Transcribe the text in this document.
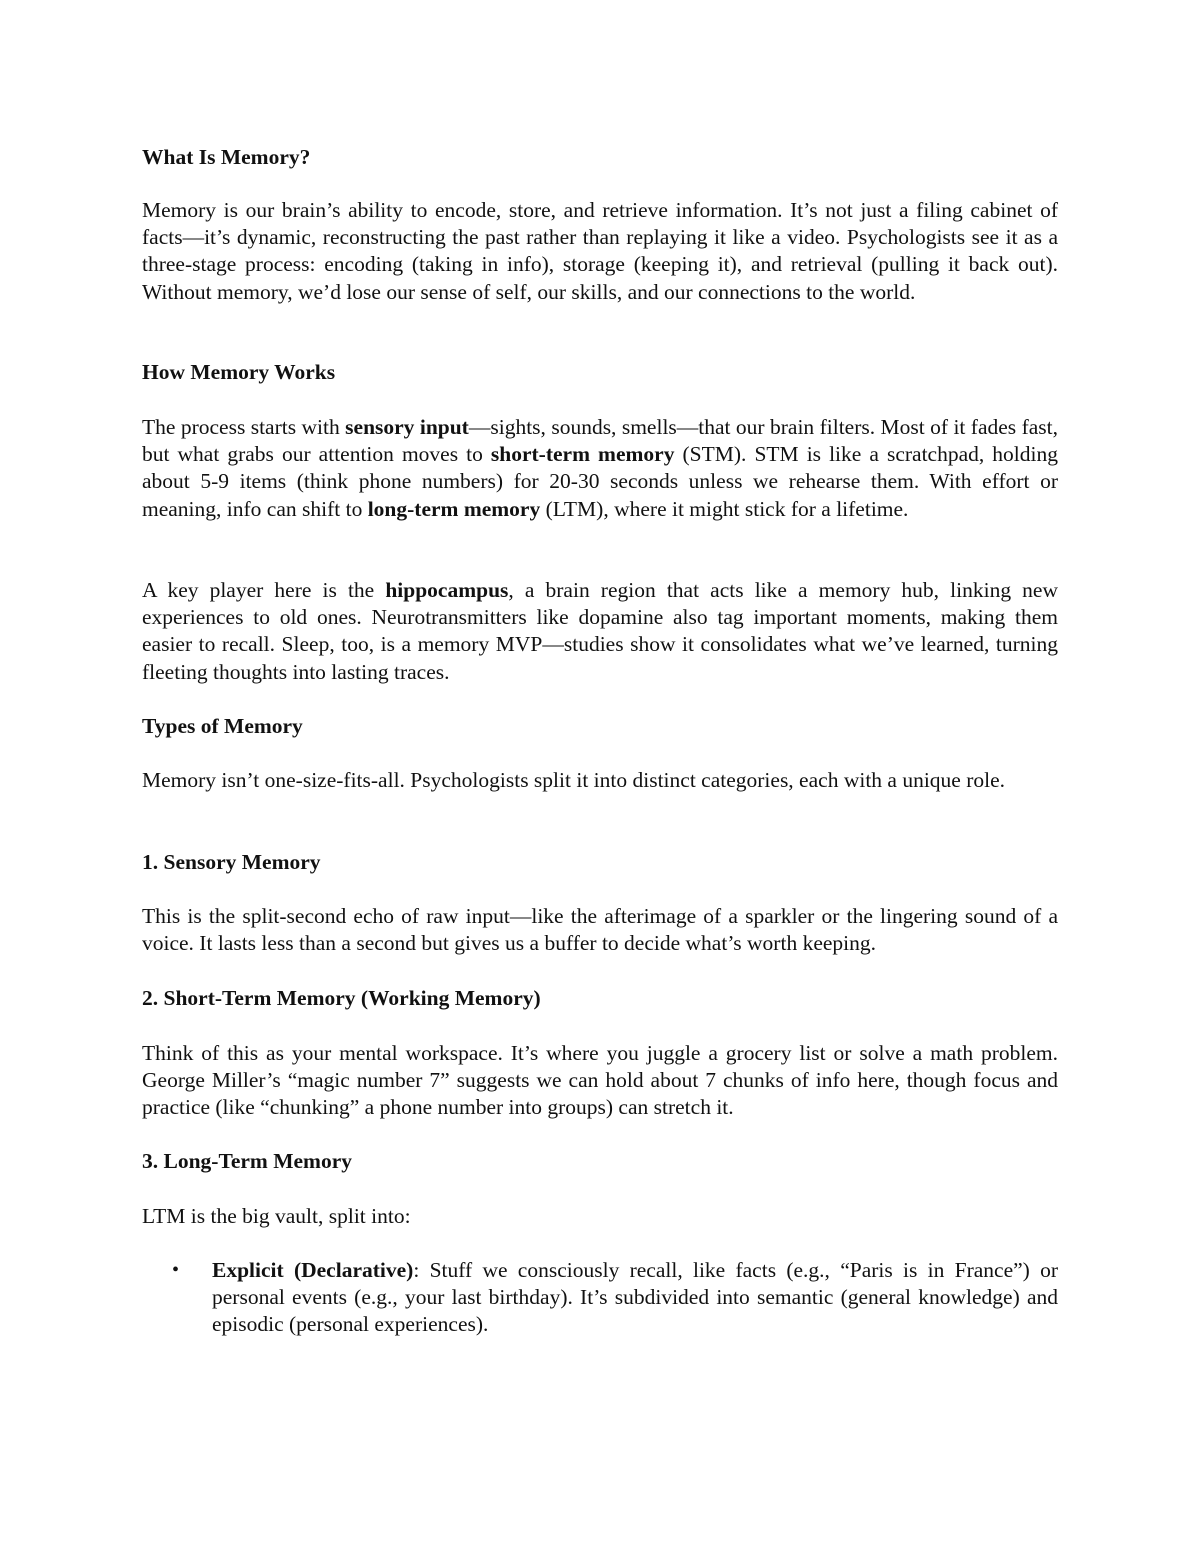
What Is Memory?

Memory is our brain’s ability to encode, store, and retrieve information. It’s not just a filing cabinet of facts—it’s dynamic, reconstructing the past rather than replaying it like a video. Psychologists see it as a three-stage process: encoding (taking in info), storage (keeping it), and retrieval (pulling it back out). Without memory, we’d lose our sense of self, our skills, and our connections to the world.

How Memory Works

The process starts with sensory input—sights, sounds, smells—that our brain filters. Most of it fades fast, but what grabs our attention moves to short-term memory (STM). STM is like a scratchpad, holding about 5-9 items (think phone numbers) for 20-30 seconds unless we rehearse them. With effort or meaning, info can shift to long-term memory (LTM), where it might stick for a lifetime.

A key player here is the hippocampus, a brain region that acts like a memory hub, linking new experiences to old ones. Neurotransmitters like dopamine also tag important moments, making them easier to recall. Sleep, too, is a memory MVP—studies show it consolidates what we’ve learned, turning fleeting thoughts into lasting traces.

Types of Memory

Memory isn’t one-size-fits-all. Psychologists split it into distinct categories, each with a unique role.

1. Sensory Memory

This is the split-second echo of raw input—like the afterimage of a sparkler or the lingering sound of a voice. It lasts less than a second but gives us a buffer to decide what’s worth keeping.

2. Short-Term Memory (Working Memory)

Think of this as your mental workspace. It’s where you juggle a grocery list or solve a math problem. George Miller’s “magic number 7” suggests we can hold about 7 chunks of info here, though focus and practice (like “chunking” a phone number into groups) can stretch it.

3. Long-Term Memory

LTM is the big vault, split into:

•	Explicit (Declarative): Stuff we consciously recall, like facts (e.g., “Paris is in France”) or personal events (e.g., your last birthday). It’s subdivided into semantic (general knowledge) and episodic (personal experiences).
